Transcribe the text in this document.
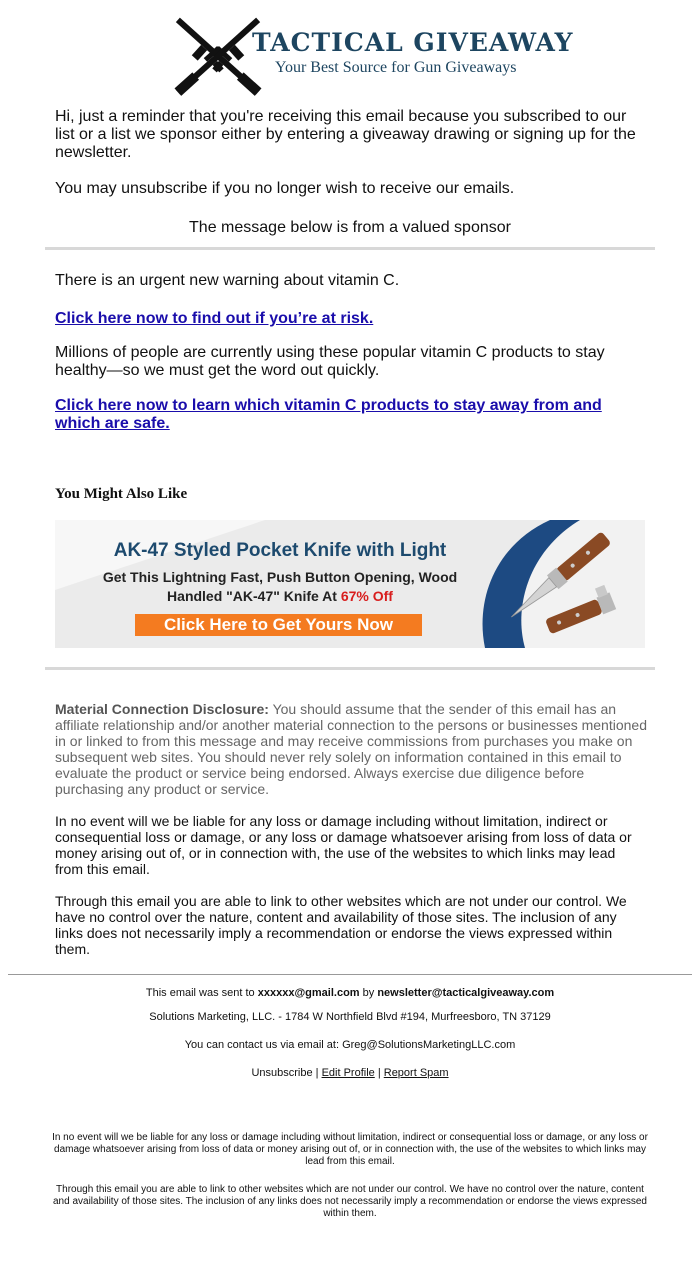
TACTICAL GIVEAWAY
Your Best Source for Gun Giveaways

Hi, just a reminder that you're receiving this email because you subscribed to our list or a list we sponsor either by entering a giveaway drawing or signing up for the newsletter.

You may unsubscribe if you no longer wish to receive our emails.

The message below is from a valued sponsor
There is an urgent new warning about vitamin C.
Click here now to find out if you’re at risk.
Millions of people are currently using these popular vitamin C products to stay healthy—so we must get the word out quickly.
Click here now to learn which vitamin C products to stay away from and which are safe.
You Might Also Like
AK-47 Styled Pocket Knife with Light
Get This Lightning Fast, Push Button Opening, Wood
Handled "AK-47" Knife At 67% Off
Click Here to Get Yours Now
Material Connection Disclosure: You should assume that the sender of this email has an affiliate relationship and/or another material connection to the persons or businesses mentioned in or linked to from this message and may receive commissions from purchases you make on subsequent web sites. You should never rely solely on information contained in this email to evaluate the product or service being endorsed. Always exercise due diligence before purchasing any product or service.
In no event will we be liable for any loss or damage including without limitation, indirect or consequential loss or damage, or any loss or damage whatsoever arising from loss of data or money arising out of, or in connection with, the use of the websites to which links may lead from this email.
Through this email you are able to link to other websites which are not under our control. We have no control over the nature, content and availability of those sites. The inclusion of any links does not necessarily imply a recommendation or endorse the views expressed within them.
This email was sent to xxxxxx@gmail.com by newsletter@tacticalgiveaway.com
Solutions Marketing, LLC. - 1784 W Northfield Blvd #194, Murfreesboro, TN 37129
You can contact us via email at: Greg@SolutionsMarketingLLC.com
Unsubscribe | Edit Profile | Report Spam
In no event will we be liable for any loss or damage including without limitation, indirect or consequential loss or damage, or any loss or damage whatsoever arising from loss of data or money arising out of, or in connection with, the use of the websites to which links may lead from this email.
Through this email you are able to link to other websites which are not under our control. We have no control over the nature, content and availability of those sites. The inclusion of any links does not necessarily imply a recommendation or endorse the views expressed within them.
